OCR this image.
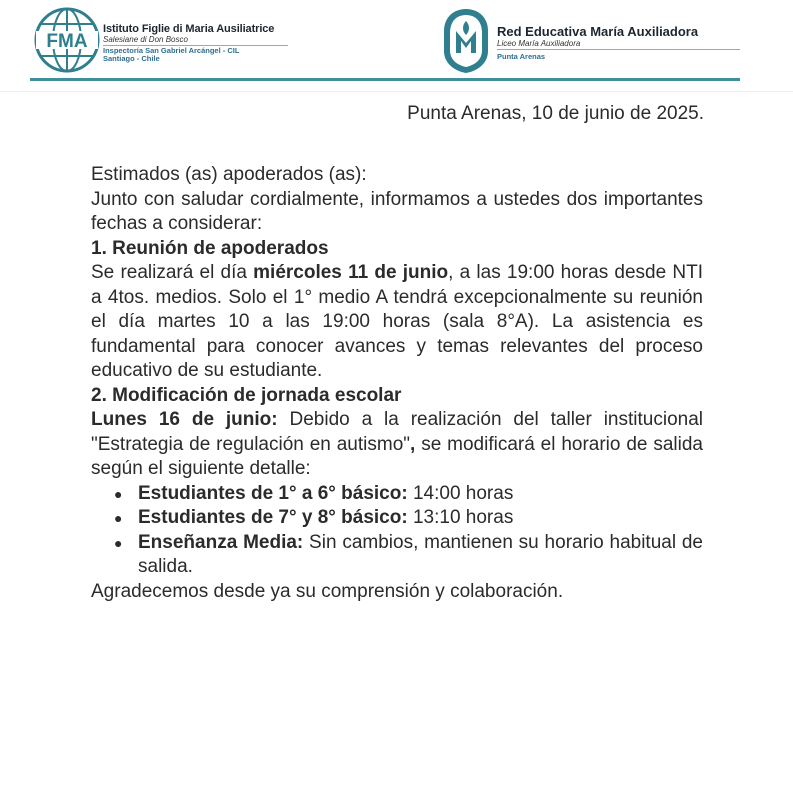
FMA
Istituto Figlie di Maria Ausiliatrice
Salesiane di Don Bosco
Inspectoría San Gabriel Arcángel - CIL
Santiago - Chile
Red Educativa María Auxiliadora
Liceo María Auxiliadora
Punta Arenas
Punta Arenas, 10 de junio de 2025.

Estimados (as) apoderados (as):

Junto con saludar cordialmente, informamos a ustedes dos importantes fechas a considerar:

1. Reunión de apoderados

Se realizará el día miércoles 11 de junio, a las 19:00 horas desde NTI a 4tos. medios. Solo el 1° medio A tendrá excepcionalmente su reunión el día martes 10 a las 19:00 horas (sala 8°A). La asistencia es fundamental para conocer avances y temas relevantes del proceso educativo de su estudiante.

2. Modificación de jornada escolar

Lunes 16 de junio: Debido a la realización del taller institucional "Estrategia de regulación en autismo", se modificará el horario de salida según el siguiente detalle:

● Estudiantes de 1° a 6° básico: 14:00 horas
● Estudiantes de 7° y 8° básico: 13:10 horas
● Enseñanza Media: Sin cambios, mantienen su horario habitual de salida.

Agradecemos desde ya su comprensión y colaboración.
